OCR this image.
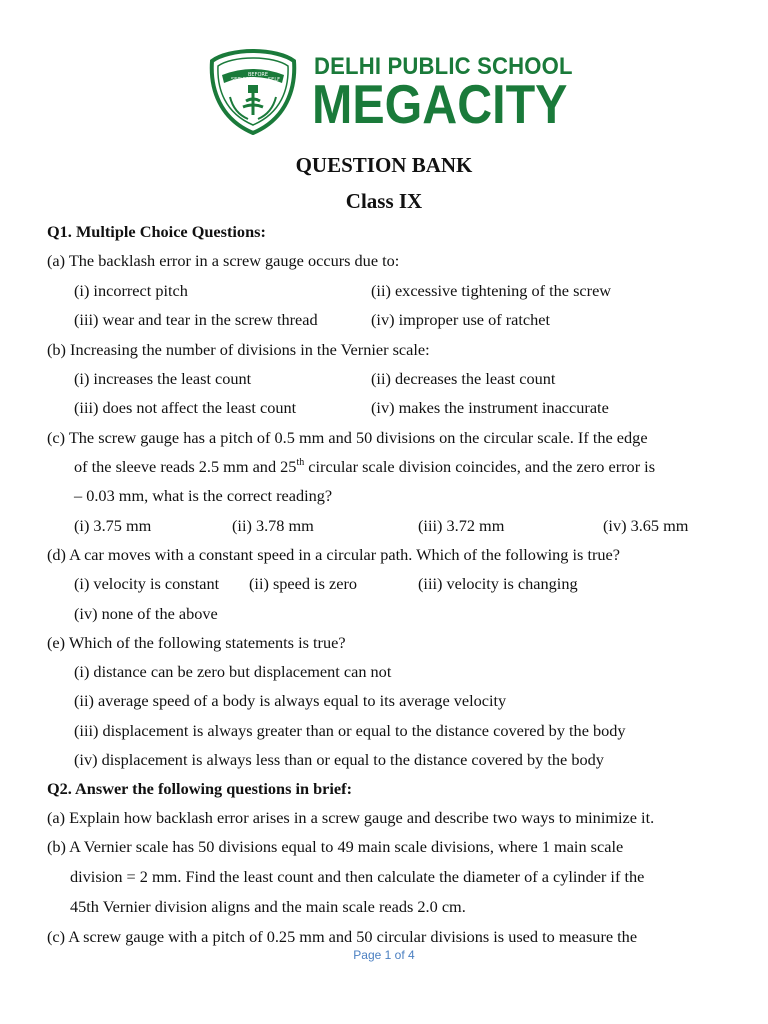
SERVICE
BEFORE
SELF DELHI PUBLIC SCHOOL
MEGACITY
QUESTION BANK
Class IX
Q1. Multiple Choice Questions:
(a) The backlash error in a screw gauge occurs due to:
(i) incorrect pitch	(ii) excessive tightening of the screw
(iii) wear and tear in the screw thread	(iv) improper use of ratchet
(b) Increasing the number of divisions in the Vernier scale:
(i) increases the least count	(ii) decreases the least count
(iii) does not affect the least count	(iv) makes the instrument inaccurate
(c) The screw gauge has a pitch of 0.5 mm and 50 divisions on the circular scale. If the edge
of the sleeve reads 2.5 mm and 25th circular scale division coincides, and the zero error is
– 0.03 mm, what is the correct reading?
(i) 3.75 mm	(ii) 3.78 mm	(iii) 3.72 mm	(iv) 3.65 mm
(d) A car moves with a constant speed in a circular path. Which of the following is true?
(i) velocity is constant (ii) speed is zero	(iii) velocity is changing
(iv) none of the above
(e) Which of the following statements is true?
(i) distance can be zero but displacement can not
(ii) average speed of a body is always equal to its average velocity
(iii) displacement is always greater than or equal to the distance covered by the body
(iv) displacement is always less than or equal to the distance covered by the body
Q2. Answer the following questions in brief:
(a) Explain how backlash error arises in a screw gauge and describe two ways to minimize it.
(b) A Vernier scale has 50 divisions equal to 49 main scale divisions, where 1 main scale
division = 2 mm. Find the least count and then calculate the diameter of a cylinder if the
45th Vernier division aligns and the main scale reads 2.0 cm.
(c) A screw gauge with a pitch of 0.25 mm and 50 circular divisions is used to measure the
Page 1 of 4
